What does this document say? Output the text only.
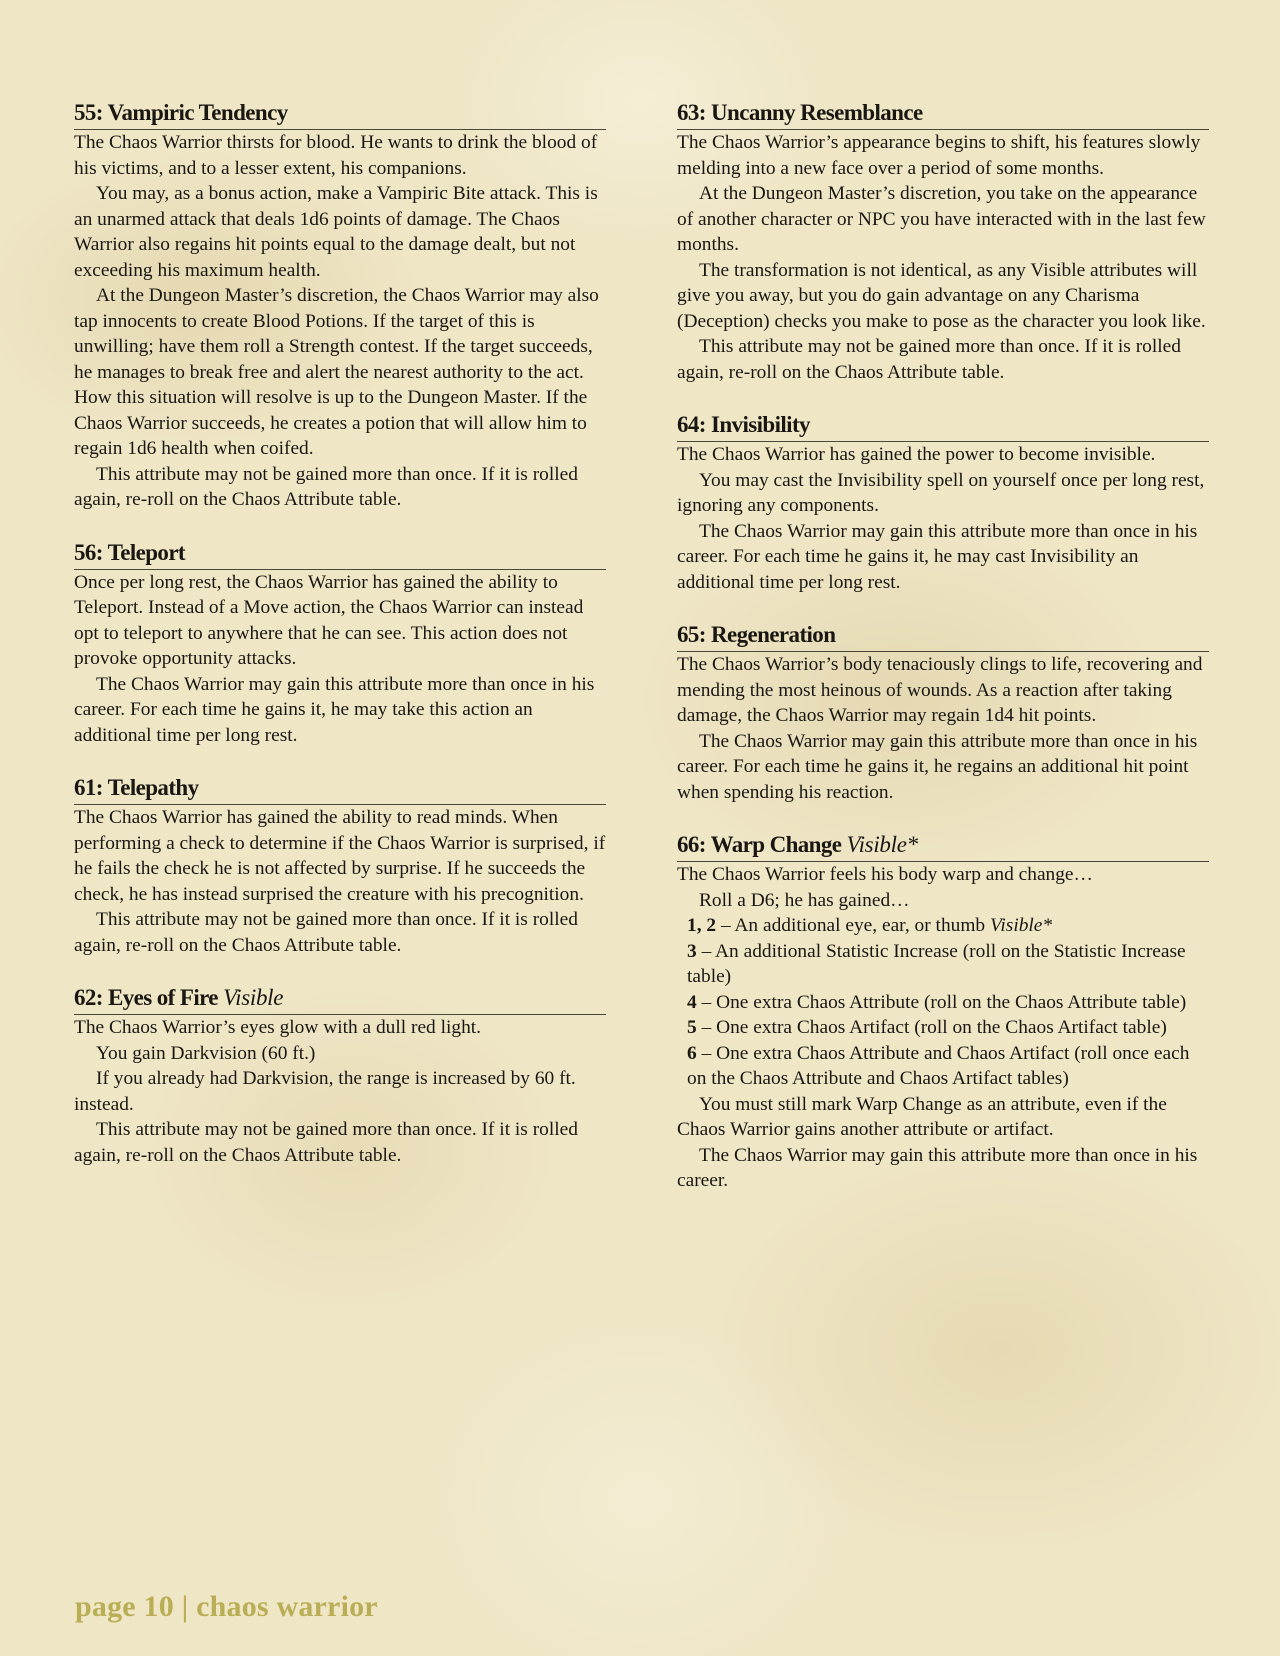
55: Vampiric Tendency

The Chaos Warrior thirsts for blood. He wants to drink the blood of his victims, and to a lesser extent, his companions.

You may, as a bonus action, make a Vampiric Bite attack. This is an unarmed attack that deals 1d6 points of damage. The Chaos Warrior also regains hit points equal to the damage dealt, but not exceeding his maximum health.

At the Dungeon Master’s discretion, the Chaos Warrior may also tap innocents to create Blood Potions. If the target of this is unwilling; have them roll a Strength contest. If the target succeeds, he manages to break free and alert the nearest authority to the act. How this situation will resolve is up to the Dungeon Master. If the Chaos Warrior succeeds, he creates a potion that will allow him to regain 1d6 health when coifed.

This attribute may not be gained more than once. If it is rolled again, re-roll on the Chaos Attribute table.

56: Teleport

Once per long rest, the Chaos Warrior has gained the ability to Teleport. Instead of a Move action, the Chaos Warrior can instead opt to teleport to anywhere that he can see. This action does not provoke opportunity attacks.

The Chaos Warrior may gain this attribute more than once in his career. For each time he gains it, he may take this action an additional time per long rest.

61: Telepathy

The Chaos Warrior has gained the ability to read minds. When performing a check to determine if the Chaos Warrior is surprised, if he fails the check he is not affected by surprise. If he succeeds the check, he has instead surprised the creature with his precognition.

This attribute may not be gained more than once. If it is rolled again, re-roll on the Chaos Attribute table.

62: Eyes of Fire Visible

The Chaos Warrior’s eyes glow with a dull red light.

You gain Darkvision (60 ft.)

If you already had Darkvision, the range is increased by 60 ft. instead.

This attribute may not be gained more than once. If it is rolled again, re-roll on the Chaos Attribute table.

63: Uncanny Resemblance

The Chaos Warrior’s appearance begins to shift, his features slowly melding into a new face over a period of some months.

At the Dungeon Master’s discretion, you take on the appearance of another character or NPC you have interacted with in the last few months.

The transformation is not identical, as any Visible attributes will give you away, but you do gain advantage on any Charisma (Deception) checks you make to pose as the character you look like.

This attribute may not be gained more than once. If it is rolled again, re-roll on the Chaos Attribute table.

64: Invisibility

The Chaos Warrior has gained the power to become invisible.

You may cast the Invisibility spell on yourself once per long rest, ignoring any components.

The Chaos Warrior may gain this attribute more than once in his career. For each time he gains it, he may cast Invisibility an additional time per long rest.

65: Regeneration

The Chaos Warrior’s body tenaciously clings to life, recovering and mending the most heinous of wounds. As a reaction after taking damage, the Chaos Warrior may regain 1d4 hit points.

The Chaos Warrior may gain this attribute more than once in his career. For each time he gains it, he regains an additional hit point when spending his reaction.

66: Warp Change Visible*

The Chaos Warrior feels his body warp and change…

Roll a D6; he has gained…

1, 2 – An additional eye, ear, or thumb Visible*

3 – An additional Statistic Increase (roll on the Statistic Increase table)

4 – One extra Chaos Attribute (roll on the Chaos Attribute table)

5 – One extra Chaos Artifact (roll on the Chaos Artifact table)

6 – One extra Chaos Attribute and Chaos Artifact (roll once each on the Chaos Attribute and Chaos Artifact tables)

You must still mark Warp Change as an attribute, even if the Chaos Warrior gains another attribute or artifact.

The Chaos Warrior may gain this attribute more than once in his career.

page 10 | chaos warrior
